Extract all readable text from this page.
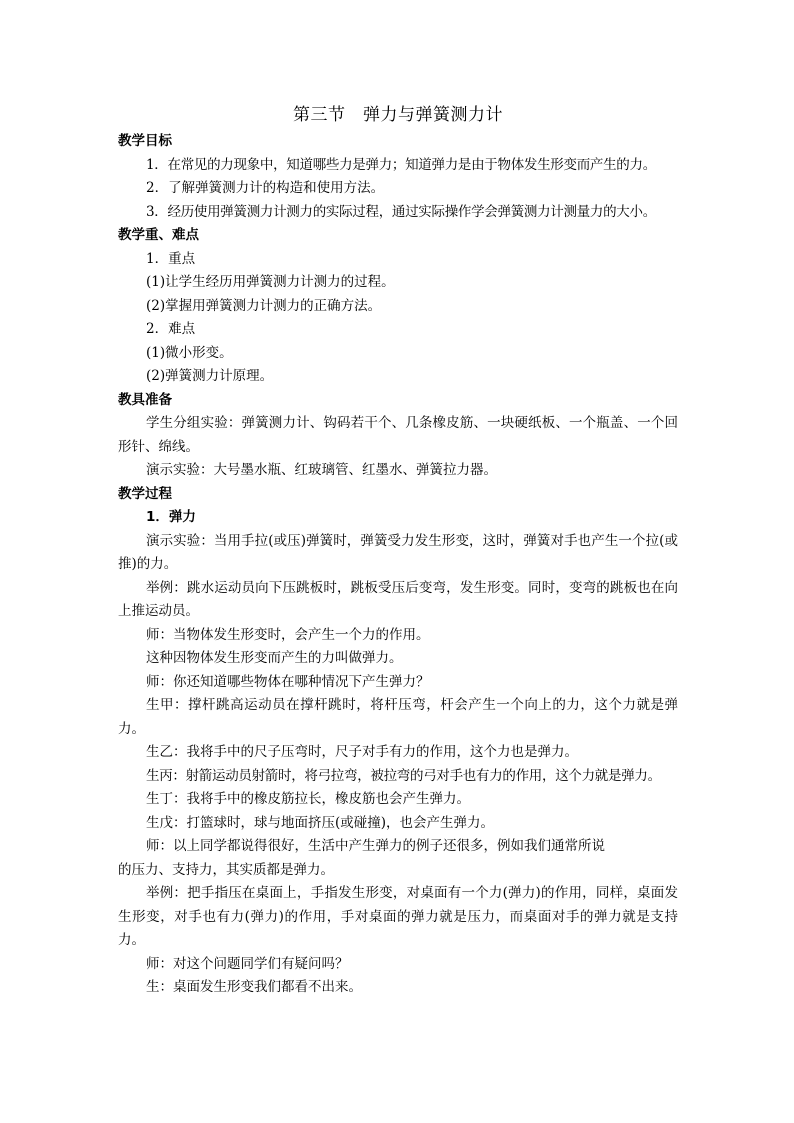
第三节　弹力与弹簧测力计
教学目标
1．在常见的力现象中，知道哪些力是弹力；知道弹力是由于物体发生形变而产生的力。
2．了解弹簧测力计的构造和使用方法。
3．经历使用弹簧测力计测力的实际过程，通过实际操作学会弹簧测力计测量力的大小。
教学重、难点
1．重点
(1)让学生经历用弹簧测力计测力的过程。
(2)掌握用弹簧测力计测力的正确方法。
2．难点
(1)微小形变。
(2)弹簧测力计原理。
教具准备
学生分组实验：弹簧测力计、钩码若干个、几条橡皮筋、一块硬纸板、一个瓶盖、一个回形针、绵线。
演示实验：大号墨水瓶、红玻璃管、红墨水、弹簧拉力器。
教学过程
1．弹力
演示实验：当用手拉(或压)弹簧时，弹簧受力发生形变，这时，弹簧对手也产生一个拉(或推)的力。
举例：跳水运动员向下压跳板时，跳板受压后变弯，发生形变。同时，变弯的跳板也在向上推运动员。
师：当物体发生形变时，会产生一个力的作用。
这种因物体发生形变而产生的力叫做弹力。
师：你还知道哪些物体在哪种情况下产生弹力？
生甲：撑杆跳高运动员在撑杆跳时，将杆压弯，杆会产生一个向上的力，这个力就是弹力。
生乙：我将手中的尺子压弯时，尺子对手有力的作用，这个力也是弹力。
生丙：射箭运动员射箭时，将弓拉弯，被拉弯的弓对手也有力的作用，这个力就是弹力。
生丁：我将手中的橡皮筋拉长，橡皮筋也会产生弹力。
生戊：打篮球时，球与地面挤压(或碰撞)，也会产生弹力。
师：以上同学都说得很好，生活中产生弹力的例子还很多，例如我们通常所说
的压力、支持力，其实质都是弹力。
举例：把手指压在桌面上，手指发生形变，对桌面有一个力(弹力)的作用，同样，桌面发生形变，对手也有力(弹力)的作用，手对桌面的弹力就是压力，而桌面对手的弹力就是支持力。
师：对这个问题同学们有疑问吗？
生：桌面发生形变我们都看不出来。
